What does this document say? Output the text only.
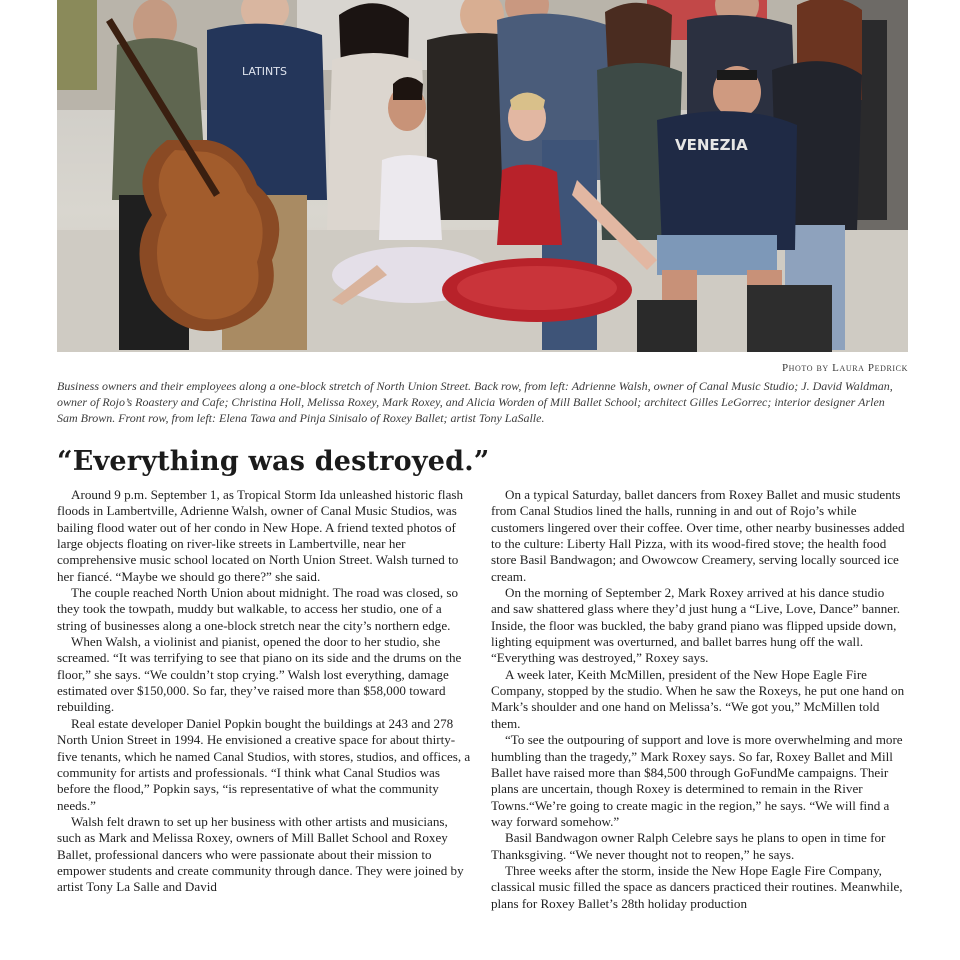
LATINTS
VENEZIA
Photo by Laura Pedrick
Business owners and their employees along a one-block stretch of North Union Street. Back row, from left: Adrienne Walsh, owner of Canal Music Studio; J. David Waldman, owner of Rojo’s Roastery and Cafe; Christina Holl, Melissa Roxey, Mark Roxey, and Alicia Worden of Mill Ballet School; architect Gilles LeGorrec; interior designer Arlen Sam Brown. Front row, from left: Elena Tawa and Pinja Sinisalo of Roxey Ballet; artist Tony LaSalle.
“Everything was destroyed.”

Around 9 p.m. September 1, as Tropical Storm Ida unleashed historic flash floods in Lambertville, Adrienne Walsh, owner of Canal Music Studios, was bailing flood water out of her condo in New Hope. A friend texted photos of large objects floating on river-like streets in Lambertville, near her comprehensive music school located on North Union Street. Walsh turned to her fiancé. “Maybe we should go there?” she said.

The couple reached North Union about midnight. The road was closed, so they took the towpath, muddy but walkable, to access her studio, one of a string of businesses along a one-block stretch near the city’s northern edge.

When Walsh, a violinist and pianist, opened the door to her studio, she screamed. “It was terrifying to see that piano on its side and the drums on the floor,” she says. “We couldn’t stop crying.” Walsh lost everything, damage estimated over $150,000. So far, they’ve raised more than $58,000 toward rebuilding.

Real estate developer Daniel Popkin bought the buildings at 243 and 278 North Union Street in 1994. He envisioned a creative space for about thirty-five tenants, which he named Canal Studios, with stores, studios, and offices, a community for artists and professionals. “I think what Canal Studios was before the flood,” Popkin says, “is representative of what the community needs.”

Walsh felt drawn to set up her business with other artists and musicians, such as Mark and Melissa Roxey, owners of Mill Ballet School and Roxey Ballet, professional dancers who were passionate about their mission to empower students and create community through dance. They were joined by artist Tony La Salle and David

On a typical Saturday, ballet dancers from Roxey Ballet and music students from Canal Studios lined the halls, running in and out of Rojo’s while customers lingered over their coffee. Over time, other nearby businesses added to the culture: Liberty Hall Pizza, with its wood-fired stove; the health food store Basil Bandwagon; and Owowcow Creamery, serving locally sourced ice cream.

On the morning of September 2, Mark Roxey arrived at his dance studio and saw shattered glass where they’d just hung a “Live, Love, Dance” banner. Inside, the floor was buckled, the baby grand piano was flipped upside down, lighting equipment was overturned, and ballet barres hung off the wall. “Everything was destroyed,” Roxey says.

A week later, Keith McMillen, president of the New Hope Eagle Fire Company, stopped by the studio. When he saw the Roxeys, he put one hand on Mark’s shoulder and one hand on Melissa’s. “We got you,” McMillen told them.

“To see the outpouring of support and love is more overwhelming and more humbling than the tragedy,” Mark Roxey says. So far, Roxey Ballet and Mill Ballet have raised more than $84,500 through GoFundMe campaigns. Their plans are uncertain, though Roxey is determined to remain in the River Towns.“We’re going to create magic in the region,” he says. “We will find a way forward somehow.”

Basil Bandwagon owner Ralph Celebre says he plans to open in time for Thanksgiving. “We never thought not to reopen,” he says.

Three weeks after the storm, inside the New Hope Eagle Fire Company, classical music filled the space as dancers practiced their routines. Meanwhile, plans for Roxey Ballet’s 28th holiday production
